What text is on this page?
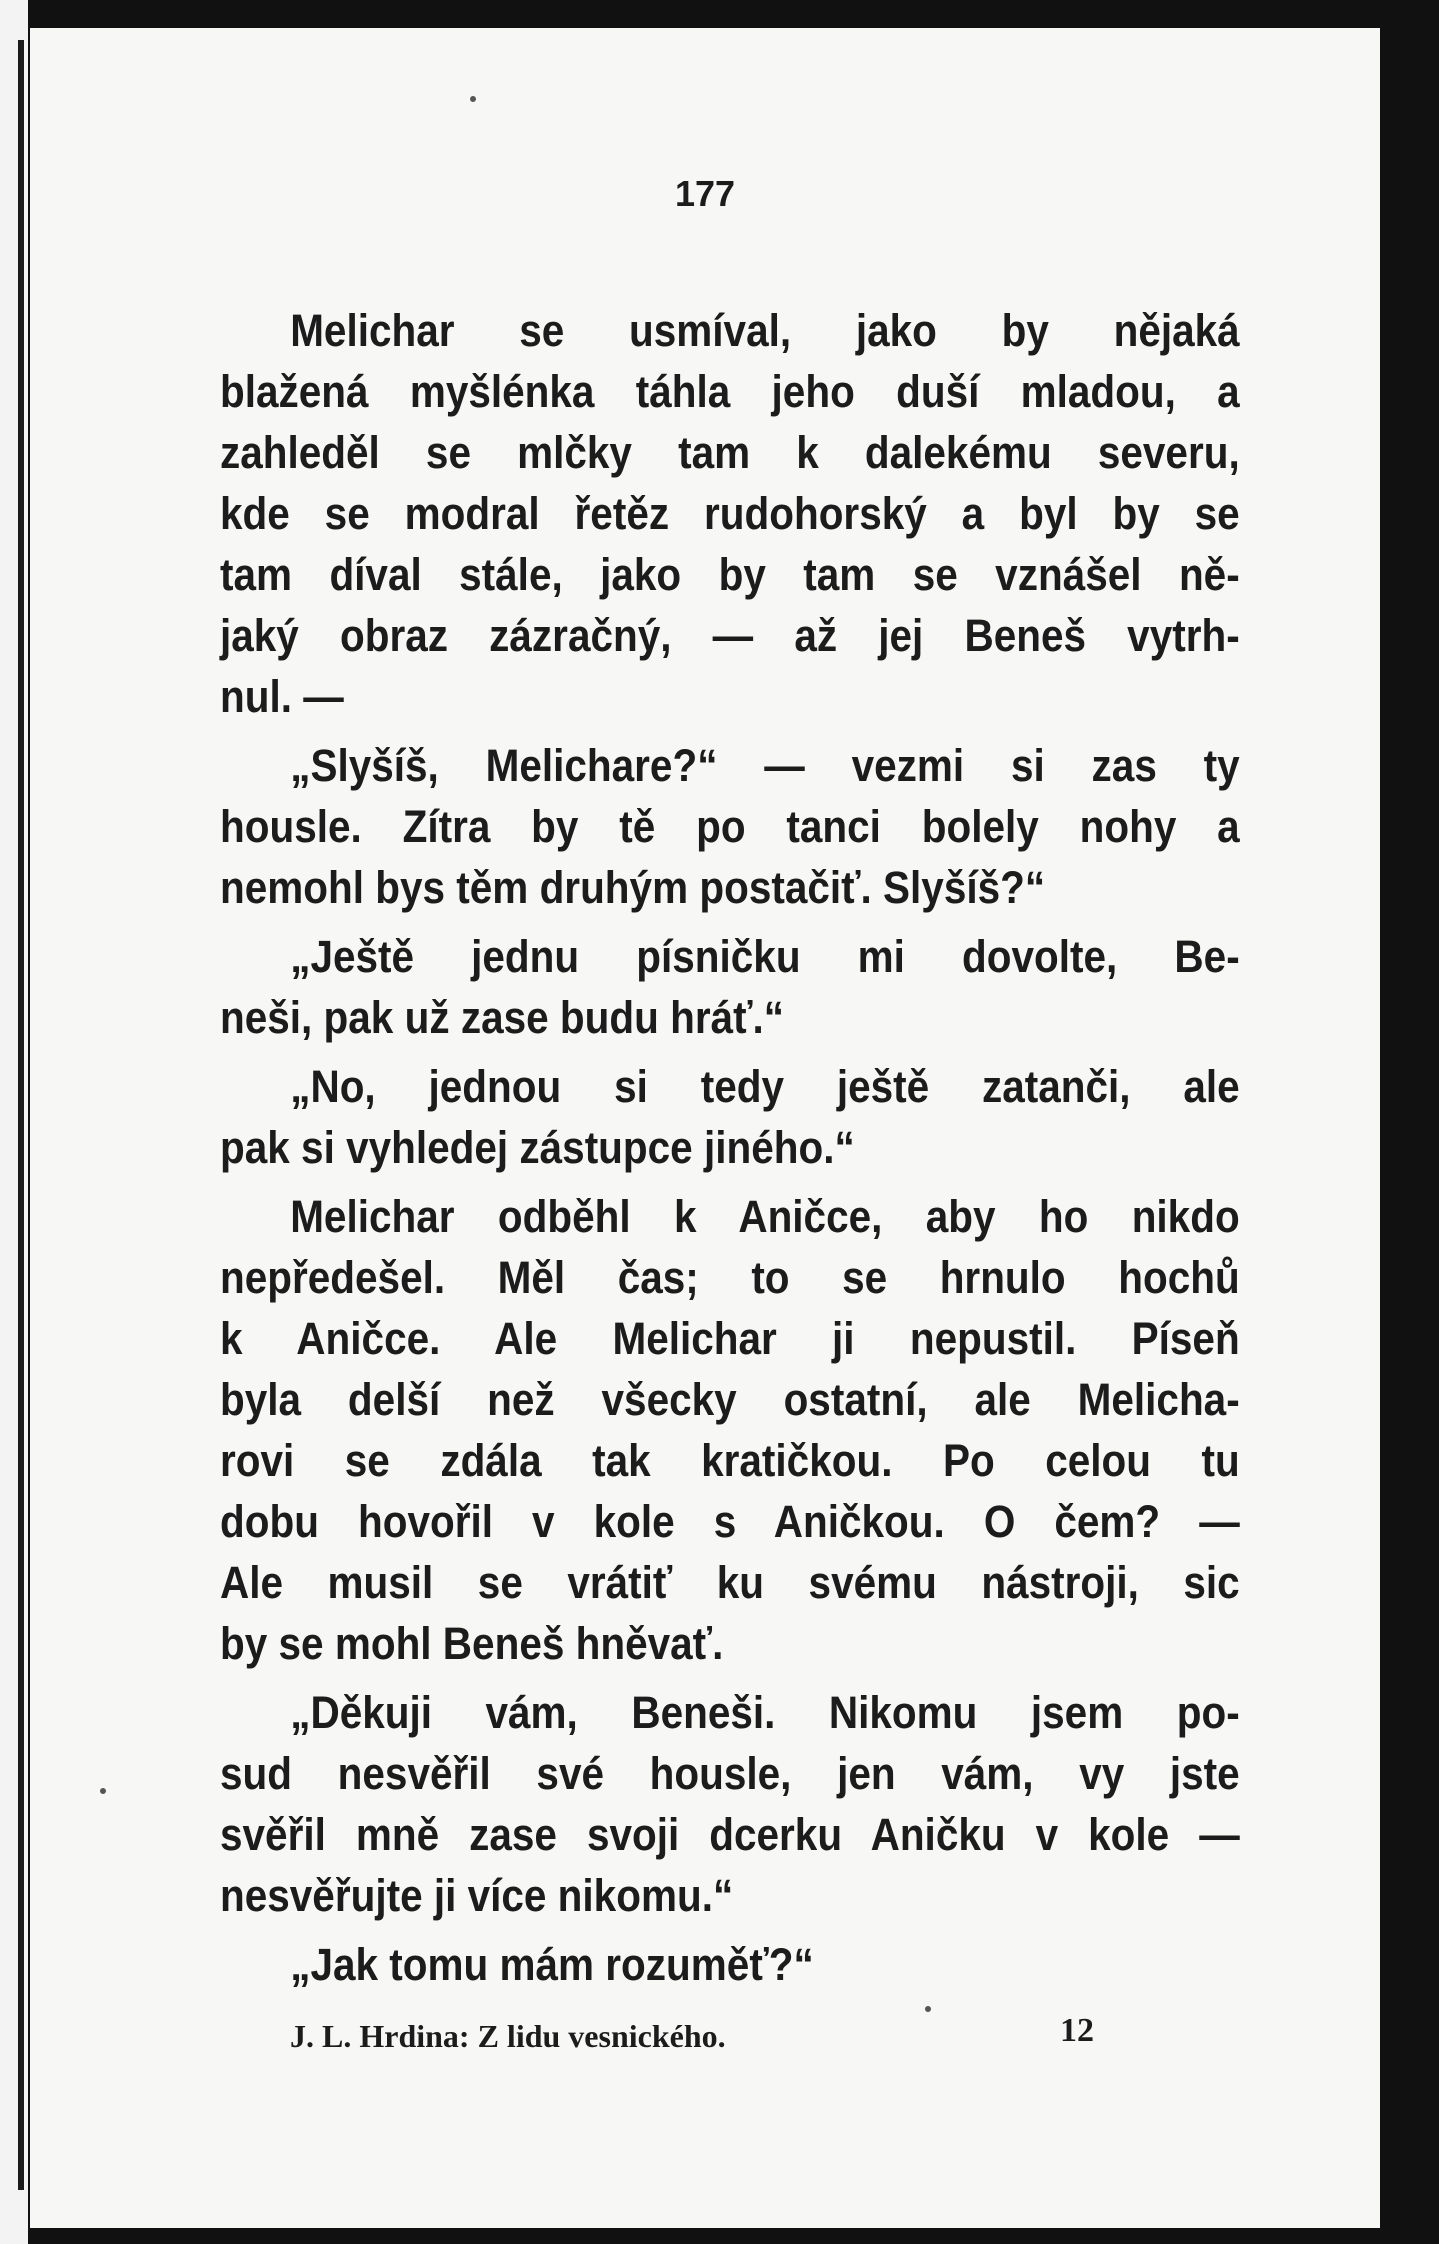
177
Melichar se usmíval, jako by nějaká
blažená myšlénka táhla jeho duší mladou, a
zahleděl se mlčky tam k dalekému severu,
kde se modral řetěz rudohorský a byl by se
tam díval stále, jako by tam se vznášel ně-
jaký obraz zázračný, — až jej Beneš vytrh-
nul. —
„Slyšíš, Melichare?“ — vezmi si zas ty
housle. Zítra by tě po tanci bolely nohy a
nemohl bys těm druhým postačiť. Slyšíš?“
„Ještě jednu písničku mi dovolte, Be-
neši, pak už zase budu hráť.“
„No, jednou si tedy ještě zatanči, ale
pak si vyhledej zástupce jiného.“
Melichar odběhl k Aničce, aby ho nikdo
nepředešel. Měl čas; to se hrnulo hochů
k Aničce. Ale Melichar ji nepustil. Píseň
byla delší než všecky ostatní, ale Melicha-
rovi se zdála tak kratičkou. Po celou tu
dobu hovořil v kole s Aničkou. O čem? —
Ale musil se vrátiť ku svému nástroji, sic
by se mohl Beneš hněvať.
„Děkuji vám, Beneši. Nikomu jsem po-
sud nesvěřil své housle, jen vám, vy jste
svěřil mně zase svoji dcerku Aničku v kole —
nesvěřujte ji více nikomu.“
„Jak tomu mám rozuměť?“
J. L. Hrdina: Z lidu vesnického.	12
